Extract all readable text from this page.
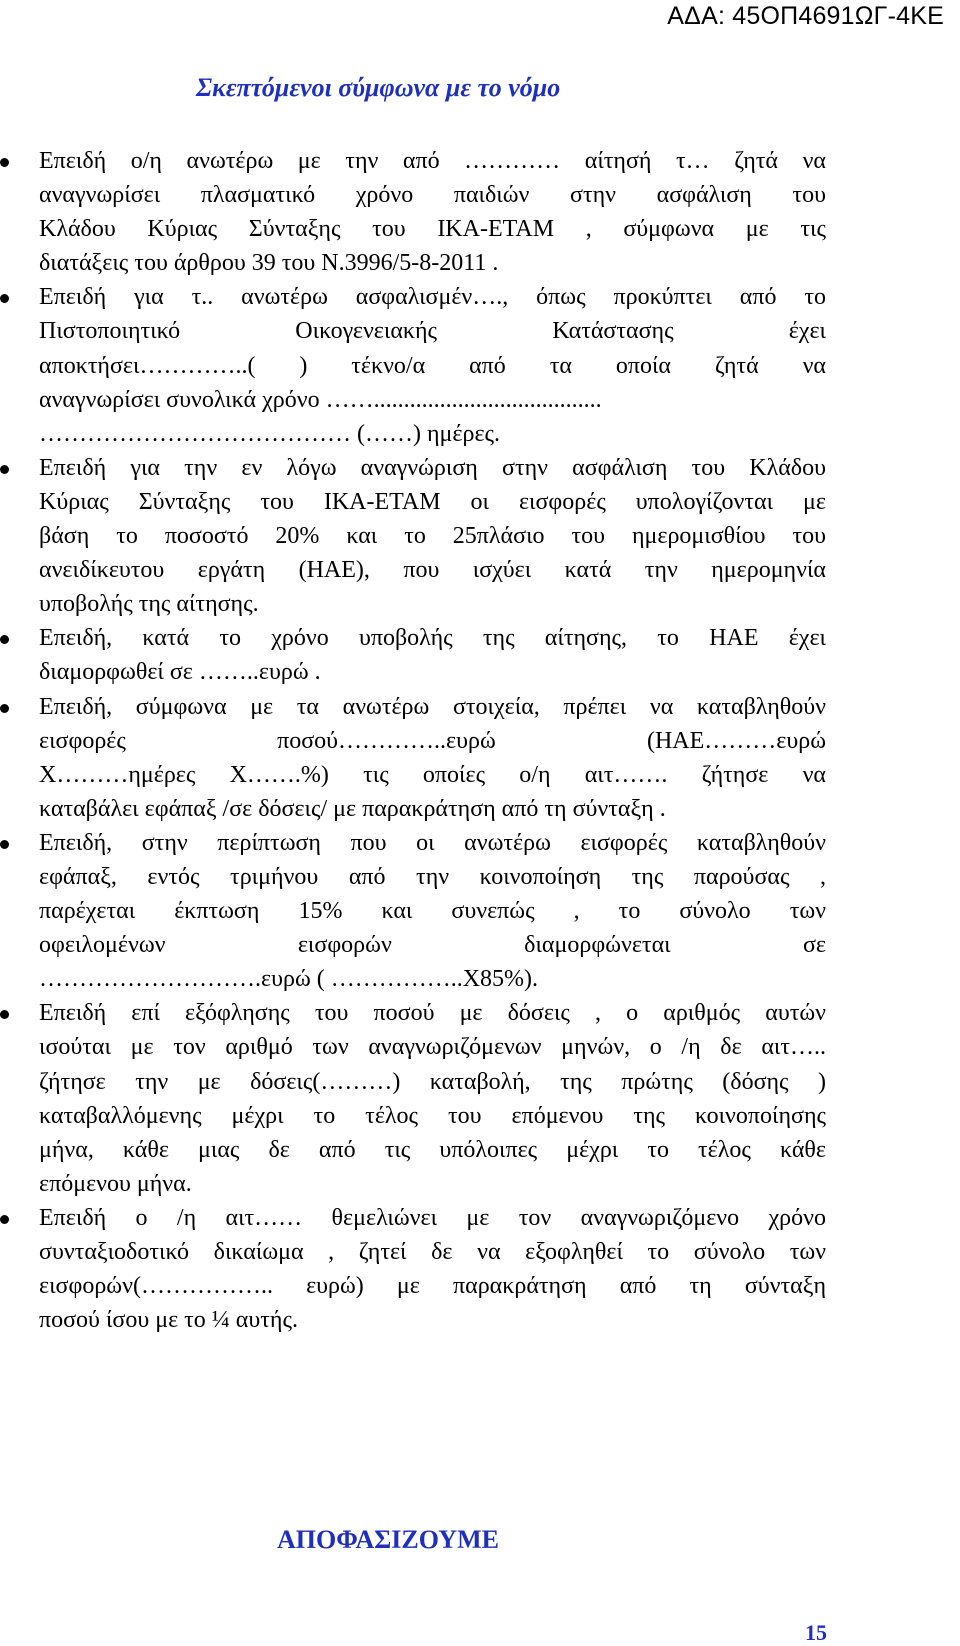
ΑΔΑ: 45ΟΠ4691ΩΓ-4ΚΕ
Σκεπτόμενοι σύμφωνα με το νόμο
Επειδή ο/η ανωτέρω με την από ………… αίτησή τ… ζητά να
αναγνωρίσει πλασματικό χρόνο παιδιών στην ασφάλιση του
Κλάδου Κύριας Σύνταξης του ΙΚΑ-ΕΤΑΜ , σύμφωνα με τις
διατάξεις του άρθρου 39 του Ν.3996/5-8-2011 .
Επειδή για τ.. ανωτέρω ασφαλισμέν…., όπως προκύπτει από το
Πιστοποιητικό Οικογενειακής Κατάστασης έχει
αποκτήσει…………..( ) τέκνο/α από τα οποία ζητά να
αναγνωρίσει συνολικά χρόνο ……......................................
………………………………… (……) ημέρες.
Επειδή για την εν λόγω αναγνώριση στην ασφάλιση του Κλάδου
Κύριας Σύνταξης του ΙΚΑ-ΕΤΑΜ οι εισφορές υπολογίζονται με
βάση το ποσοστό 20% και το 25πλάσιο του ημερομισθίου του
ανειδίκευτου εργάτη (ΗΑΕ), που ισχύει κατά την ημερομηνία
υποβολής της αίτησης.
Επειδή, κατά το χρόνο υποβολής της αίτησης, το ΗΑΕ έχει
διαμορφωθεί σε ……..ευρώ .
Επειδή, σύμφωνα με τα ανωτέρω στοιχεία, πρέπει να καταβληθούν
εισφορές ποσού…………..ευρώ (ΗΑΕ………ευρώ
Χ………ημέρες Χ…….%) τις οποίες ο/η αιτ……. ζήτησε να
καταβάλει εφάπαξ /σε δόσεις/ με παρακράτηση από τη σύνταξη .
Επειδή, στην περίπτωση που οι ανωτέρω εισφορές καταβληθούν
εφάπαξ, εντός τριμήνου από την κοινοποίηση της παρούσας ,
παρέχεται έκπτωση 15% και συνεπώς , το σύνολο των
οφειλομένων εισφορών διαμορφώνεται σε
……………………….ευρώ ( ……………..Χ85%).
Επειδή επί εξόφλησης του ποσού με δόσεις , ο αριθμός αυτών
ισούται με τον αριθμό των αναγνωριζόμενων μηνών, ο /η δε αιτ…..
ζήτησε την με δόσεις(………) καταβολή, της πρώτης (δόσης )
καταβαλλόμενης μέχρι το τέλος του επόμενου της κοινοποίησης
μήνα, κάθε μιας δε από τις υπόλοιπες μέχρι το τέλος κάθε
επόμενου μήνα.
Επειδή ο /η αιτ…… θεμελιώνει με τον αναγνωριζόμενο χρόνο
συνταξιοδοτικό δικαίωμα , ζητεί δε να εξοφληθεί το σύνολο των
εισφορών(…………….. ευρώ) με παρακράτηση από τη σύνταξη
ποσού ίσου με το ¼ αυτής.
ΑΠΟΦΑΣΙΖΟΥΜΕ
15
